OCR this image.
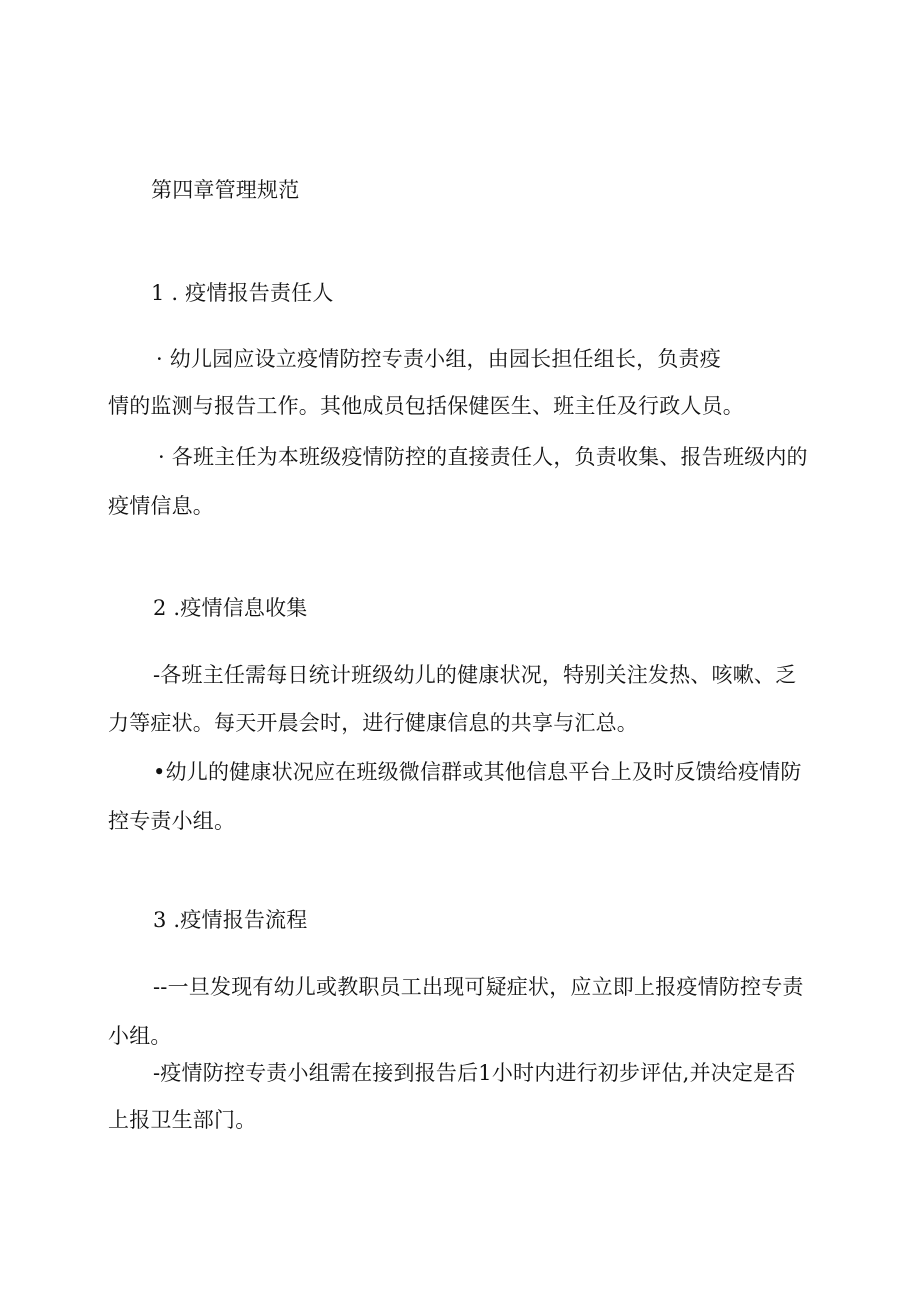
第四章管理规范
1 . 疫情报告责任人
· 幼儿园应设立疫情防控专责小组，由园长担任组长，负责疫
情的监测与报告工作。其他成员包括保健医生、班主任及行政人员。
· 各班主任为本班级疫情防控的直接责任人，负责收集、报告班级内的
疫情信息。
2 .疫情信息收集
-各班主任需每日统计班级幼儿的健康状况，特别关注发热、咳嗽、乏
力等症状。每天开晨会时，进行健康信息的共享与汇总。
•幼儿的健康状况应在班级微信群或其他信息平台上及时反馈给疫情防
控专责小组。
3 .疫情报告流程
--一旦发现有幼儿或教职员工出现可疑症状，应立即上报疫情防控专责
小组。
-疫情防控专责小组需在接到报告后1小时内进行初步评估,并决定是否
上报卫生部门。
